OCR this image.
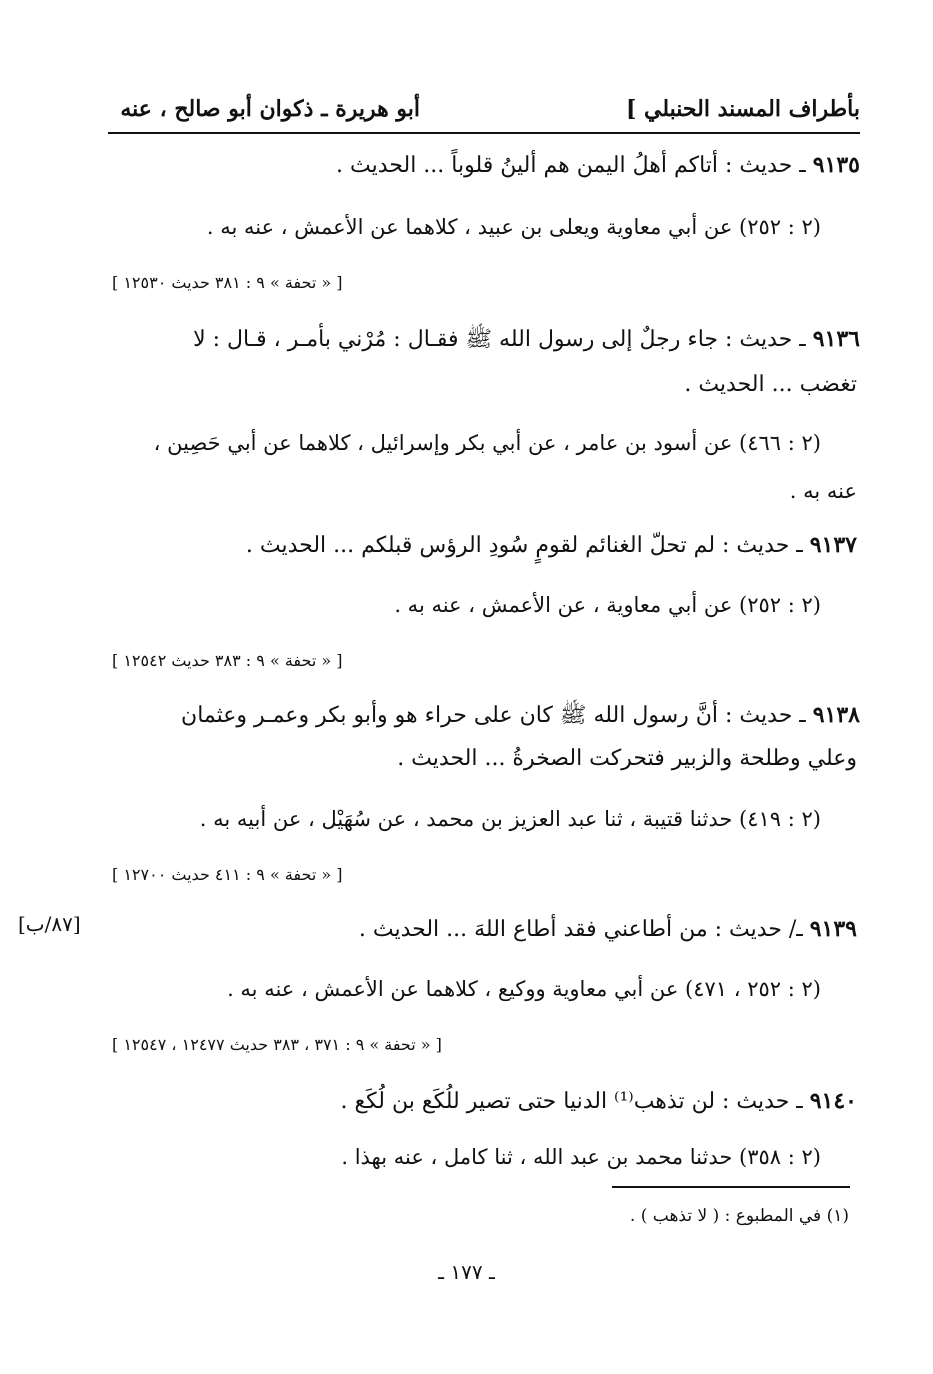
بأطراف المسند الحنبلي ]
أبو هريرة ـ ذكوان أبو صالح ، عنه
٩١٣٥ ـ حديث : أتاكم أهلُ اليمن هم ألينُ قلوباً ... الحديث .
(٢ : ٢٥٢) عن أبي معاوية ويعلى بن عبيد ، كلاهما عن الأعمش ، عنه به .
[ « تحفة » ٩ : ٣٨١ حديث ١٢٥٣٠ ]
٩١٣٦ ـ حديث : جاء رجلٌ إلى رسول الله ﷺ فقـال : مُرْني بأمـر ، قـال : لا
تغضب ... الحديث .
(٢ : ٤٦٦) عن أسود بن عامر ، عن أبي بكر وإسرائيل ، كلاهما عن أبي حَصِين ،
عنه به .
٩١٣٧ ـ حديث : لم تحلّ الغنائم لقومٍ سُودِ الرؤس قبلكم ... الحديث .
(٢ : ٢٥٢) عن أبي معاوية ، عن الأعمش ، عنه به .
[ « تحفة » ٩ : ٣٨٣ حديث ١٢٥٤٢ ]
٩١٣٨ ـ حديث : أنَّ رسول الله ﷺ كان على حراء هو وأبو بكر وعمـر وعثمان
وعلي وطلحة والزبير فتحركت الصخرةُ ... الحديث .
(٢ : ٤١٩) حدثنا قتيبة ، ثنا عبد العزيز بن محمد ، عن سُهَيْل ، عن أبيه به .
[ « تحفة » ٩ : ٤١١ حديث ١٢٧٠٠ ]
[٨٧/ب]	٩١٣٩ ـ/ حديث : من أطاعني فقد أطاع اللهَ ... الحديث .
(٢ : ٢٥٢ ، ٤٧١) عن أبي معاوية ووكيع ، كلاهما عن الأعمش ، عنه به .
[ « تحفة » ٩ : ٣٧١ ، ٣٨٣ حديث ١٢٤٧٧ ، ١٢٥٤٧ ]
٩١٤٠ ـ حديث : لن تذهب⁽¹⁾ الدنيا حتى تصير للُكَع بن لُكَع .
(٢ : ٣٥٨) حدثنا محمد بن عبد الله ، ثنا كامل ، عنه بهذا .
(١) في المطبوع : ( لا تذهب ) .
ـ ١٧٧ ـ
